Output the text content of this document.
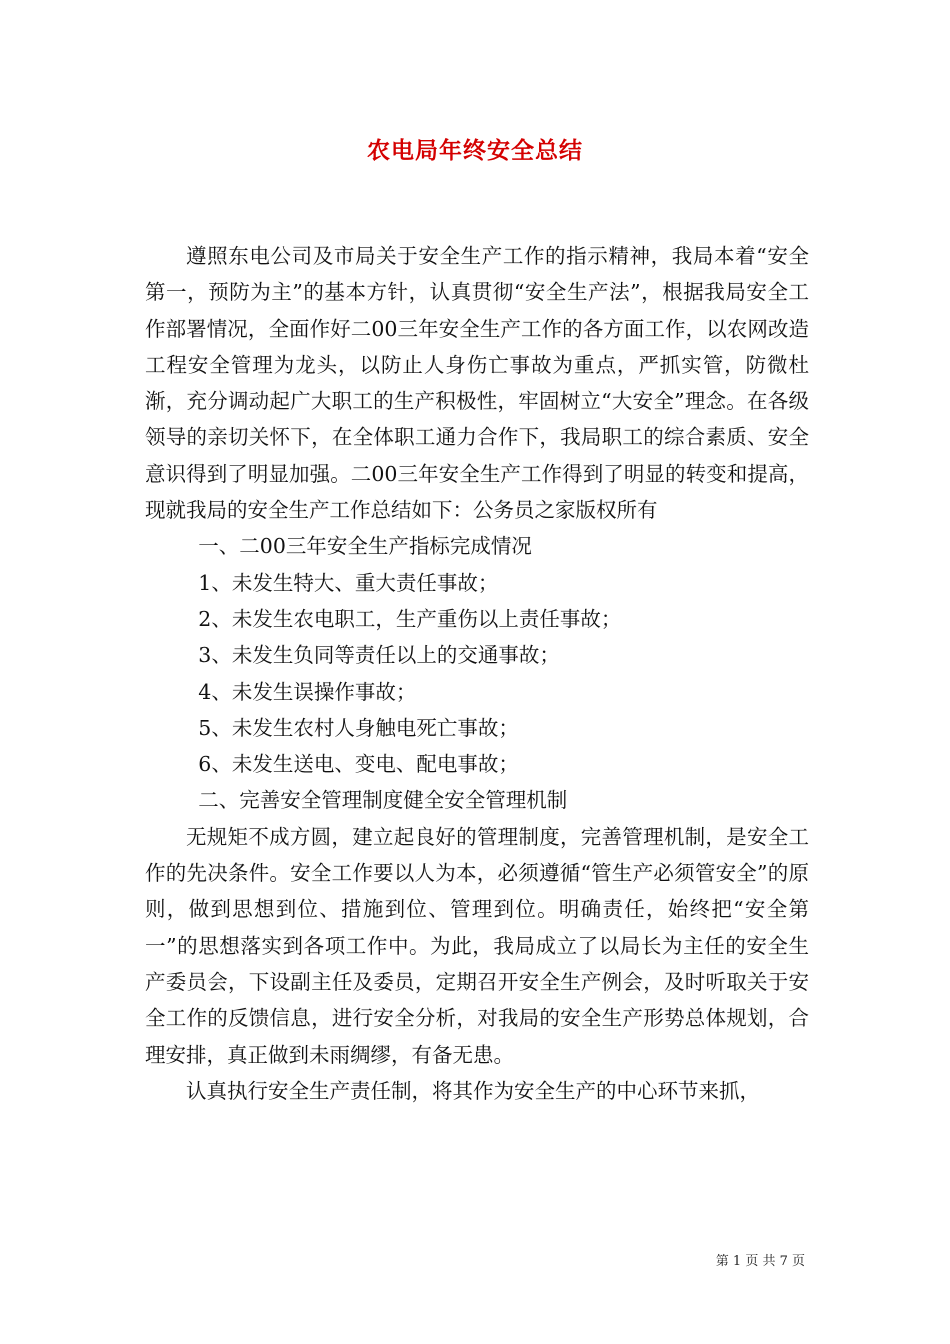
农电局年终安全总结

遵照东电公司及市局关于安全生产工作的指示精神，我局本着“安全第一，预防为主”的基本方针，认真贯彻“安全生产法”，根据我局安全工作部署情况，全面作好二00三年安全生产工作的各方面工作，以农网改造工程安全管理为龙头，以防止人身伤亡事故为重点，严抓实管，防微杜渐，充分调动起广大职工的生产积极性，牢固树立“大安全”理念。在各级领导的亲切关怀下，在全体职工通力合作下，我局职工的综合素质、安全意识得到了明显加强。二00三年安全生产工作得到了明显的转变和提高，现就我局的安全生产工作总结如下：公务员之家版权所有

一、二00三年安全生产指标完成情况

1、未发生特大、重大责任事故；

2、未发生农电职工，生产重伤以上责任事故；

3、未发生负同等责任以上的交通事故；

4、未发生误操作事故；

5、未发生农村人身触电死亡事故；

6、未发生送电、变电、配电事故；

二、完善安全管理制度健全安全管理机制

无规矩不成方圆，建立起良好的管理制度，完善管理机制，是安全工作的先决条件。安全工作要以人为本，必须遵循“管生产必须管安全”的原则，做到思想到位、措施到位、管理到位。明确责任，始终把“安全第一”的思想落实到各项工作中。为此，我局成立了以局长为主任的安全生产委员会，下设副主任及委员，定期召开安全生产例会，及时听取关于安全工作的反馈信息，进行安全分析，对我局的安全生产形势总体规划，合理安排，真正做到未雨绸缪，有备无患。

认真执行安全生产责任制，将其作为安全生产的中心环节来抓，

第 1 页 共 7 页
